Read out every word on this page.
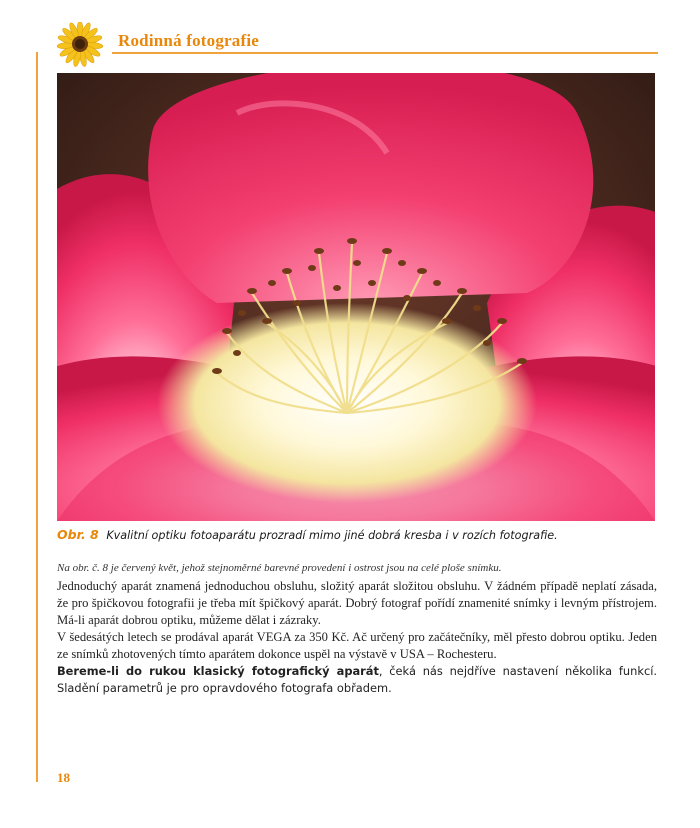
Rodinná fotografie
Obr. 8 Kvalitní optiku fotoaparátu prozradí mimo jiné dobrá kresba i v rozích fotografie.
Na obr. č. 8 je červený květ, jehož stejnoměrné barevné provedení i ostrost jsou na celé ploše snímku.
Jednoduchý aparát znamená jednoduchou obsluhu, složitý aparát složitou obsluhu. V žádném případě neplatí zásada, že pro špičkovou fotografii je třeba mít špičkový aparát. Dobrý fotograf pořídí znamenité snímky i levným přístrojem. Má-li aparát dobrou optiku, můžeme dělat i zázraky.
V šedesátých letech se prodával aparát VEGA za 350 Kč. Ač určený pro začátečníky, měl přesto dobrou optiku. Jeden ze snímků zhotovených tímto aparátem dokonce uspěl na výstavě v USA – Rochesteru.
Bereme-li do rukou klasický fotografický aparát, čeká nás nejdříve nastavení několika funkcí. Sladění parametrů je pro opravdového fotografa obřadem.
18
